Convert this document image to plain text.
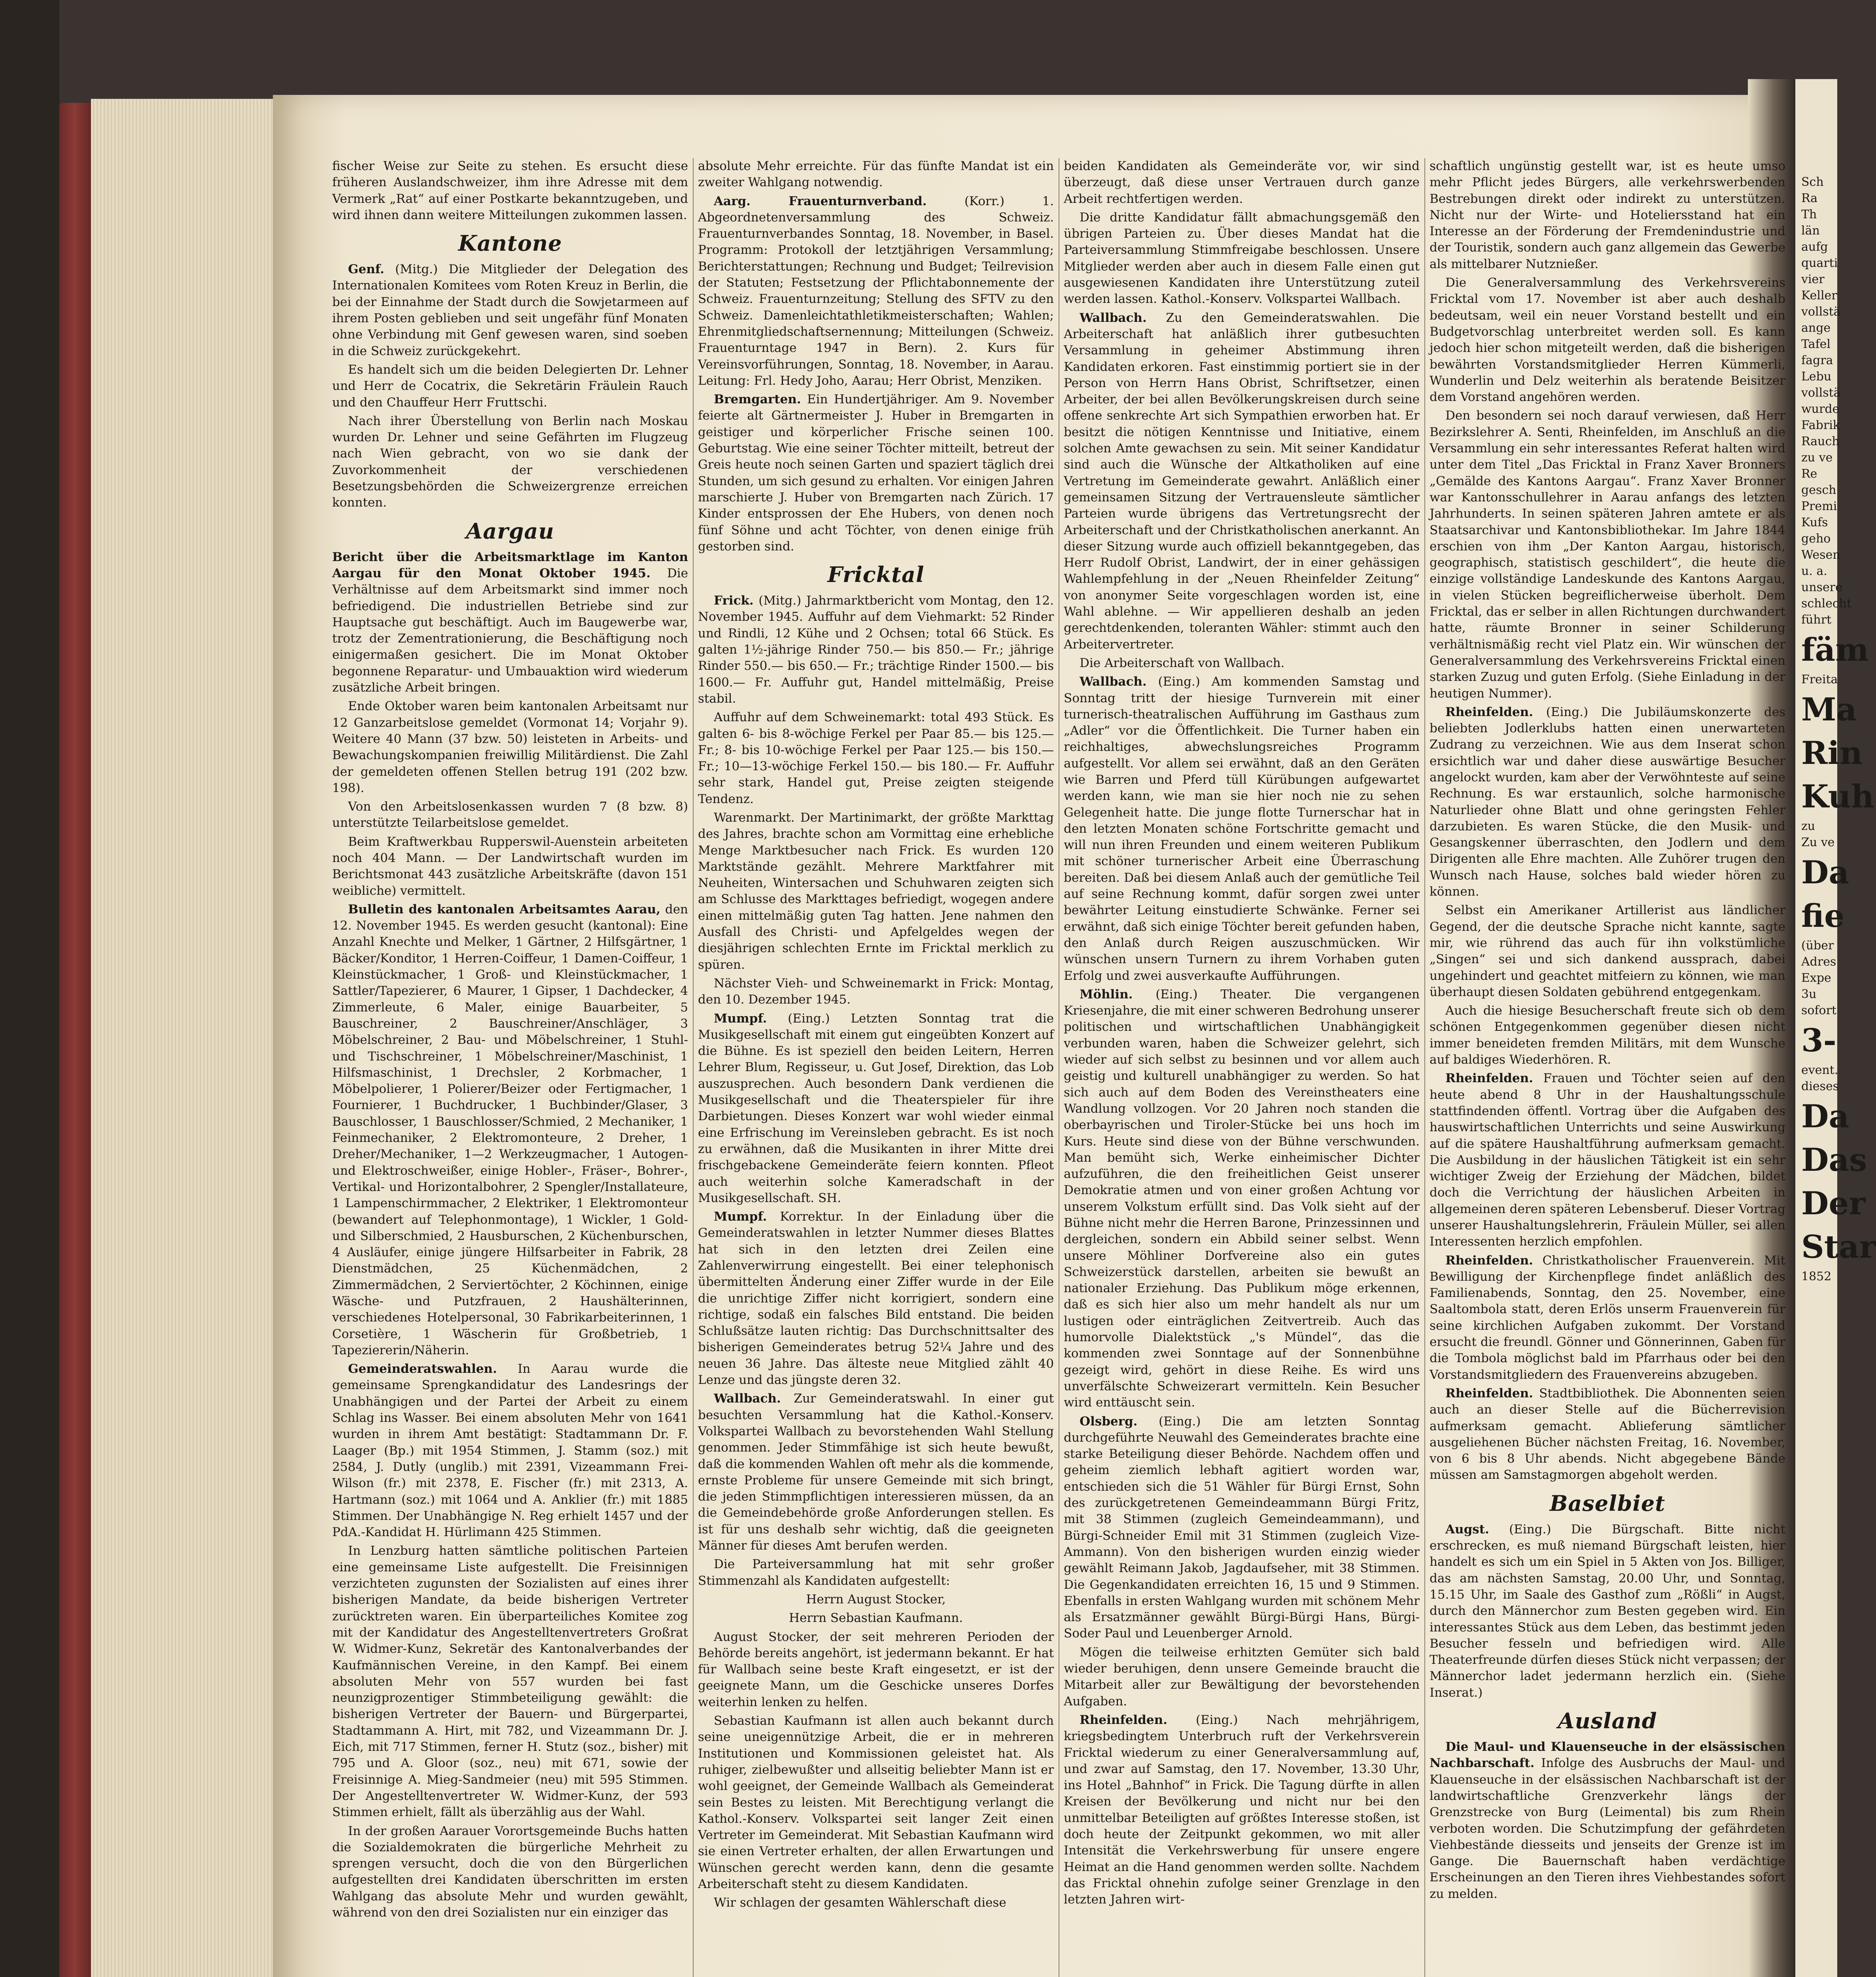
fischer Weise zur Seite zu stehen. Es ersucht diese früheren Auslandschweizer, ihm ihre Adresse mit dem Vermerk „Rat“ auf einer Postkarte bekanntzugeben, und wird ihnen dann weitere Mitteilungen zukommen lassen.

Kantone

Genf. (Mitg.) Die Mitglieder der Delegation des Internationalen Komitees vom Roten Kreuz in Berlin, die bei der Einnahme der Stadt durch die Sowjetarmeen auf ihrem Posten geblieben und seit ungefähr fünf Monaten ohne Verbindung mit Genf gewesen waren, sind soeben in die Schweiz zurückgekehrt.

Es handelt sich um die beiden Delegierten Dr. Lehner und Herr de Cocatrix, die Sekretärin Fräulein Rauch und den Chauffeur Herr Fruttschi.

Nach ihrer Überstellung von Berlin nach Moskau wurden Dr. Lehner und seine Gefährten im Flugzeug nach Wien gebracht, von wo sie dank der Zuvorkommenheit der verschiedenen Besetzungsbehörden die Schweizergrenze erreichen konnten.

Aargau

Bericht über die Arbeitsmarktlage im Kanton Aargau für den Monat Oktober 1945. Die Verhältnisse auf dem Arbeitsmarkt sind immer noch befriedigend. Die industriellen Betriebe sind zur Hauptsache gut beschäftigt. Auch im Baugewerbe war, trotz der Zementrationierung, die Beschäftigung noch einigermaßen gesichert. Die im Monat Oktober begonnene Reparatur- und Umbauaktion wird wiederum zusätzliche Arbeit bringen.

Ende Oktober waren beim kantonalen Arbeitsamt nur 12 Ganzarbeitslose gemeldet (Vormonat 14; Vorjahr 9). Weitere 40 Mann (37 bzw. 50) leisteten in Arbeits- und Bewachungskompanien freiwillig Militärdienst. Die Zahl der gemeldeten offenen Stellen betrug 191 (202 bzw. 198).

Von den Arbeitslosenkassen wurden 7 (8 bzw. 8) unterstützte Teilarbeitslose gemeldet.

Beim Kraftwerkbau Rupperswil-Auenstein arbeiteten noch 404 Mann. — Der Landwirtschaft wurden im Berichtsmonat 443 zusätzliche Arbeitskräfte (davon 151 weibliche) vermittelt.

Bulletin des kantonalen Arbeitsamtes Aarau, den 12. November 1945. Es werden gesucht (kantonal): Eine Anzahl Knechte und Melker, 1 Gärtner, 2 Hilfsgärtner, 1 Bäcker/Konditor, 1 Herren-Coiffeur, 1 Damen-Coiffeur, 1 Kleinstückmacher, 1 Groß- und Kleinstückmacher, 1 Sattler/Tapezierer, 6 Maurer, 1 Gipser, 1 Dachdecker, 4 Zimmerleute, 6 Maler, einige Bauarbeiter, 5 Bauschreiner, 2 Bauschreiner/Anschläger, 3 Möbelschreiner, 2 Bau- und Möbelschreiner, 1 Stuhl- und Tischschreiner, 1 Möbelschreiner/Maschinist, 1 Hilfsmaschinist, 1 Drechsler, 2 Korbmacher, 1 Möbelpolierer, 1 Polierer/Beizer oder Fertigmacher, 1 Fournierer, 1 Buchdrucker, 1 Buchbinder/Glaser, 3 Bauschlosser, 1 Bauschlosser/Schmied, 2 Mechaniker, 1 Feinmechaniker, 2 Elektromonteure, 2 Dreher, 1 Dreher/Mechaniker, 1—2 Werkzeugmacher, 1 Autogen- und Elektroschweißer, einige Hobler-, Fräser-, Bohrer-, Vertikal- und Horizontalbohrer, 2 Spengler/Installateure, 1 Lampenschirmmacher, 2 Elektriker, 1 Elektromonteur (bewandert auf Telephonmontage), 1 Wickler, 1 Gold- und Silberschmied, 2 Hausburschen, 2 Küchenburschen, 4 Ausläufer, einige jüngere Hilfsarbeiter in Fabrik, 28 Dienstmädchen, 25 Küchenmädchen, 2 Zimmermädchen, 2 Serviertöchter, 2 Köchinnen, einige Wäsche- und Putzfrauen, 2 Haushälterinnen, verschiedenes Hotelpersonal, 30 Fabrikarbeiterinnen, 1 Corsetière, 1 Wäscherin für Großbetrieb, 1 Tapeziererin/Näherin.

Gemeinderatswahlen. In Aarau wurde die gemeinsame Sprengkandidatur des Landesrings der Unabhängigen und der Partei der Arbeit zu einem Schlag ins Wasser. Bei einem absoluten Mehr von 1641 wurden in ihrem Amt bestätigt: Stadtammann Dr. F. Laager (Bp.) mit 1954 Stimmen, J. Stamm (soz.) mit 2584, J. Dutly (unglib.) mit 2391, Vizeammann Frei-Wilson (fr.) mit 2378, E. Fischer (fr.) mit 2313, A. Hartmann (soz.) mit 1064 und A. Anklier (fr.) mit 1885 Stimmen. Der Unabhängige N. Reg erhielt 1457 und der PdA.-Kandidat H. Hürlimann 425 Stimmen.

In Lenzburg hatten sämtliche politischen Parteien eine gemeinsame Liste aufgestellt. Die Freisinnigen verzichteten zugunsten der Sozialisten auf eines ihrer bisherigen Mandate, da beide bisherigen Vertreter zurücktreten waren. Ein überparteiliches Komitee zog mit der Kandidatur des Angestelltenvertreters Großrat W. Widmer-Kunz, Sekretär des Kantonalverbandes der Kaufmännischen Vereine, in den Kampf. Bei einem absoluten Mehr von 557 wurden bei fast neunzigprozentiger Stimmbeteiligung gewählt: die bisherigen Vertreter der Bauern- und Bürgerpartei, Stadtammann A. Hirt, mit 782, und Vizeammann Dr. J. Eich, mit 717 Stimmen, ferner H. Stutz (soz., bisher) mit 795 und A. Gloor (soz., neu) mit 671, sowie der Freisinnige A. Mieg-Sandmeier (neu) mit 595 Stimmen. Der Angestelltenvertreter W. Widmer-Kunz, der 593 Stimmen erhielt, fällt als überzählig aus der Wahl.

In der großen Aarauer Vorortsgemeinde Buchs hatten die Sozialdemokraten die bürgerliche Mehrheit zu sprengen versucht, doch die von den Bürgerlichen aufgestellten drei Kandidaten überschritten im ersten Wahlgang das absolute Mehr und wurden gewählt, während von den drei Sozialisten nur ein einziger das

absolute Mehr erreichte. Für das fünfte Mandat ist ein zweiter Wahlgang notwendig.

Aarg. Frauenturnverband.	(Korr.) 1. Abgeordnetenversammlung des Schweiz. Frauenturnverbandes Sonntag, 18. November, in Basel. Programm: Protokoll der letztjährigen Versammlung; Berichterstattungen; Rechnung und Budget; Teilrevision der Statuten; Festsetzung der Pflichtabonnemente der Schweiz. Frauenturnzeitung; Stellung des SFTV zu den Schweiz. Damenleichtathletikmeisterschaften; Wahlen; Ehrenmitgliedschaftsernennung; Mitteilungen (Schweiz. Frauenturntage 1947 in Bern). 2. Kurs für Vereinsvorführungen, Sonntag, 18. November, in Aarau. Leitung: Frl. Hedy Joho, Aarau; Herr Obrist, Menziken.

Bremgarten. Ein Hundertjähriger. Am 9. November feierte alt Gärtnermeister J. Huber in Bremgarten in geistiger und körperlicher Frische seinen 100. Geburtstag. Wie eine seiner Töchter mitteilt, betreut der Greis heute noch seinen Garten und spaziert täglich drei Stunden, um sich gesund zu erhalten. Vor einigen Jahren marschierte J. Huber von Bremgarten nach Zürich. 17 Kinder entsprossen der Ehe Hubers, von denen noch fünf Söhne und acht Töchter, von denen einige früh gestorben sind.

Fricktal

Frick. (Mitg.) Jahrmarktbericht vom Montag, den 12. November 1945. Auffuhr auf dem Viehmarkt: 52 Rinder und Rindli, 12 Kühe und 2 Ochsen; total 66 Stück. Es galten 1½-jährige Rinder 750.— bis 850.— Fr.; jährige Rinder 550.— bis 650.— Fr.; trächtige Rinder 1500.— bis 1600.— Fr. Auffuhr gut, Handel mittelmäßig, Preise stabil.

Auffuhr auf dem Schweinemarkt: total 493 Stück. Es galten 6- bis 8-wöchige Ferkel per Paar 85.— bis 125.— Fr.; 8- bis 10-wöchige Ferkel per Paar 125.— bis 150.— Fr.; 10—13-wöchige Ferkel 150.— bis 180.— Fr. Auffuhr sehr stark, Handel gut, Preise zeigten steigende Tendenz.

Warenmarkt. Der Martinimarkt, der größte Markttag des Jahres, brachte schon am Vormittag eine erhebliche Menge Marktbesucher nach Frick. Es wurden 120 Marktstände gezählt. Mehrere Marktfahrer mit Neuheiten, Wintersachen und Schuhwaren zeigten sich am Schlusse des Markttages befriedigt, wogegen andere einen mittelmäßig guten Tag hatten. Jene nahmen den Ausfall des Christi- und Apfelgeldes wegen der diesjährigen schlechten Ernte im Fricktal merklich zu spüren.

Nächster Vieh- und Schweinemarkt in Frick: Montag, den 10. Dezember 1945.

Mumpf. (Eing.) Letzten Sonntag trat die Musikgesellschaft mit einem gut eingeübten Konzert auf die Bühne. Es ist speziell den beiden Leitern, Herren Lehrer Blum, Regisseur, u. Gut Josef, Direktion, das Lob auszusprechen. Auch besondern Dank verdienen die Musikgesellschaft und die Theaterspieler für ihre Darbietungen. Dieses Konzert war wohl wieder einmal eine Erfrischung im Vereinsleben gebracht. Es ist noch zu erwähnen, daß die Musikanten in ihrer Mitte drei frischgebackene Gemeinderäte feiern konnten. Pfleot auch weiterhin solche Kameradschaft in der Musikgesellschaft. SH.

Mumpf. Korrektur. In der Einladung über die Gemeinderatswahlen in letzter Nummer dieses Blattes hat sich in den letzten drei Zeilen eine Zahlenverwirrung eingestellt. Bei einer telephonisch übermittelten Änderung einer Ziffer wurde in der Eile die unrichtige Ziffer nicht korrigiert, sondern eine richtige, sodaß ein falsches Bild entstand. Die beiden Schlußsätze lauten richtig: Das Durchschnittsalter des bisherigen Gemeinderates betrug 52¼ Jahre und des neuen 36 Jahre. Das älteste neue Mitglied zählt 40 Lenze und das jüngste deren 32.

Wallbach. Zur Gemeinderatswahl. In einer gut besuchten Versammlung hat die Kathol.-Konserv. Volkspartei Wallbach zu bevorstehenden Wahl Stellung genommen. Jeder Stimmfähige ist sich heute bewußt, daß die kommenden Wahlen oft mehr als die kommende, ernste Probleme für unsere Gemeinde mit sich bringt, die jeden Stimmpflichtigen interessieren müssen, da an die Gemeindebehörde große Anforderungen stellen. Es ist für uns deshalb sehr wichtig, daß die geeigneten Männer für dieses Amt berufen werden.

Die Parteiversammlung hat mit sehr großer Stimmenzahl als Kandidaten aufgestellt:

Herrn August Stocker,

Herrn Sebastian Kaufmann.

August Stocker, der seit mehreren Perioden der Behörde bereits angehört, ist jedermann bekannt. Er hat für Wallbach seine beste Kraft eingesetzt, er ist der geeignete Mann, um die Geschicke unseres Dorfes weiterhin lenken zu helfen.

Sebastian Kaufmann ist allen auch bekannt durch seine uneigennützige Arbeit, die er in mehreren Institutionen und Kommissionen geleistet hat. Als ruhiger, zielbewußter und allseitig beliebter Mann ist er wohl geeignet, der Gemeinde Wallbach als Gemeinderat sein Bestes zu leisten. Mit Berechtigung verlangt die Kathol.-Konserv. Volkspartei seit langer Zeit einen Vertreter im Gemeinderat. Mit Sebastian Kaufmann wird sie einen Vertreter erhalten, der allen Erwartungen und Wünschen gerecht werden kann, denn die gesamte Arbeiterschaft steht zu diesem Kandidaten.

Wir schlagen der gesamten Wählerschaft diese

beiden Kandidaten als Gemeinderäte vor, wir sind überzeugt, daß diese unser Vertrauen durch ganze Arbeit rechtfertigen werden.

Die dritte Kandidatur fällt abmachungsgemäß den übrigen Parteien zu. Über dieses Mandat hat die Parteiversammlung Stimmfreigabe beschlossen. Unsere Mitglieder werden aber auch in diesem Falle einen gut ausgewiesenen Kandidaten ihre Unterstützung zuteil werden lassen. Kathol.-Konserv. Volkspartei Wallbach.

Wallbach. Zu den Gemeinderatswahlen. Die Arbeiterschaft hat anläßlich ihrer gutbesuchten Versammlung in geheimer Abstimmung ihren Kandidaten erkoren. Fast einstimmig portiert sie in der Person von Herrn Hans Obrist, Schriftsetzer, einen Arbeiter, der bei allen Bevölkerungskreisen durch seine offene senkrechte Art sich Sympathien erworben hat. Er besitzt die nötigen Kenntnisse und Initiative, einem solchen Amte gewachsen zu sein. Mit seiner Kandidatur sind auch die Wünsche der Altkatholiken auf eine Vertretung im Gemeinderate gewahrt. Anläßlich einer gemeinsamen Sitzung der Vertrauensleute sämtlicher Parteien wurde übrigens das Vertretungsrecht der Arbeiterschaft und der Christkatholischen anerkannt. An dieser Sitzung wurde auch offiziell bekanntgegeben, das Herr Rudolf Obrist, Landwirt, der in einer gehässigen Wahlempfehlung in der „Neuen Rheinfelder Zeitung“ von anonymer Seite vorgeschlagen worden ist, eine Wahl ablehne. — Wir appellieren deshalb an jeden gerechtdenkenden, toleranten Wähler: stimmt auch den Arbeitervertreter.

Die Arbeiterschaft von Wallbach.

Wallbach. (Eing.) Am kommenden Samstag und Sonntag tritt der hiesige Turnverein mit einer turnerisch-theatralischen Aufführung im Gasthaus zum „Adler“ vor die Öffentlichkeit. Die Turner haben ein reichhaltiges, abwechslungsreiches Programm aufgestellt. Vor allem sei erwähnt, daß an den Geräten wie Barren und Pferd tüll Kürübungen aufgewartet werden kann, wie man sie hier noch nie zu sehen Gelegenheit hatte. Die junge flotte Turnerschar hat in den letzten Monaten schöne Fortschritte gemacht und will nun ihren Freunden und einem weiteren Publikum mit schöner turnerischer Arbeit eine Überraschung bereiten. Daß bei diesem Anlaß auch der gemütliche Teil auf seine Rechnung kommt, dafür sorgen zwei unter bewährter Leitung einstudierte Schwänke. Ferner sei erwähnt, daß sich einige Töchter bereit gefunden haben, den Anlaß durch Reigen auszuschmücken. Wir wünschen unsern Turnern zu ihrem Vorhaben guten Erfolg und zwei ausverkaufte Aufführungen.

Möhlin. (Eing.) Theater. Die vergangenen Kriesenjahre, die mit einer schweren Bedrohung unserer politischen und wirtschaftlichen Unabhängigkeit verbunden waren, haben die Schweizer gelehrt, sich wieder auf sich selbst zu besinnen und vor allem auch geistig und kulturell unabhängiger zu werden. So hat sich auch auf dem Boden des Vereinstheaters eine Wandlung vollzogen. Vor 20 Jahren noch standen die oberbayrischen und Tiroler-Stücke bei uns hoch im Kurs. Heute sind diese von der Bühne verschwunden. Man bemüht sich, Werke einheimischer Dichter aufzuführen, die den freiheitlichen Geist unserer Demokratie atmen und von einer großen Achtung vor unserem Volkstum erfüllt sind. Das Volk sieht auf der Bühne nicht mehr die Herren Barone, Prinzessinnen und dergleichen, sondern ein Abbild seiner selbst. Wenn unsere Möhliner Dorfvereine also ein gutes Schweizerstück darstellen, arbeiten sie bewußt an nationaler Erziehung. Das Publikum möge erkennen, daß es sich hier also um mehr handelt als nur um lustigen oder einträglichen Zeitvertreib. Auch das humorvolle Dialektstück „'s Mündel“, das die kommenden zwei Sonntage auf der Sonnenbühne gezeigt wird, gehört in diese Reihe. Es wird uns unverfälschte Schweizerart vermitteln. Kein Besucher wird enttäuscht sein.

Olsberg. (Eing.) Die am letzten Sonntag durchgeführte Neuwahl des Gemeinderates brachte eine starke Beteiligung dieser Behörde. Nachdem offen und geheim ziemlich lebhaft agitiert worden war, entschieden sich die 51 Wähler für Bürgi Ernst, Sohn des zurückgetretenen Gemeindeammann Bürgi Fritz, mit 38 Stimmen (zugleich Gemeindeammann), und Bürgi-Schneider Emil mit 31 Stimmen (zugleich Vize-Ammann). Von den bisherigen wurden einzig wieder gewählt Reimann Jakob, Jagdaufseher, mit 38 Stimmen. Die Gegenkandidaten erreichten 16, 15 und 9 Stimmen. Ebenfalls in ersten Wahlgang wurden mit schönem Mehr als Ersatzmänner gewählt Bürgi-Bürgi Hans, Bürgi-Soder Paul und Leuenberger Arnold.

Mögen die teilweise erhitzten Gemüter sich bald wieder beruhigen, denn unsere Gemeinde braucht die Mitarbeit aller zur Bewältigung der bevorstehenden Aufgaben.

Rheinfelden. (Eing.) Nach mehrjährigem, kriegsbedingtem Unterbruch ruft der Verkehrsverein Fricktal wiederum zu einer Generalversammlung auf, und zwar auf Samstag, den 17. November, 13.30 Uhr, ins Hotel „Bahnhof“ in Frick. Die Tagung dürfte in allen Kreisen der Bevölkerung und nicht nur bei den unmittelbar Beteiligten auf größtes Interesse stoßen, ist doch heute der Zeitpunkt gekommen, wo mit aller Intensität die Verkehrswerbung für unsere engere Heimat an die Hand genommen werden sollte. Nachdem das Fricktal ohnehin zufolge seiner Grenzlage in den letzten Jahren wirt-

schaftlich ungünstig gestellt war, ist es heute umso mehr Pflicht jedes Bürgers, alle verkehrswerbenden Bestrebungen direkt oder indirekt zu unterstützen. Nicht nur der Wirte- und Hoteliersstand hat ein Interesse an der Förderung der Fremdenindustrie und der Touristik, sondern auch ganz allgemein das Gewerbe als mittelbarer Nutznießer.

Die Generalversammlung des Verkehrsvereins Fricktal vom 17. November ist aber auch deshalb bedeutsam, weil ein neuer Vorstand bestellt und ein Budgetvorschlag unterbreitet werden soll. Es kann jedoch hier schon mitgeteilt werden, daß die bisherigen bewährten Vorstandsmitglieder Herren Kümmerli, Wunderlin und Delz weiterhin als beratende Beisitzer dem Vorstand angehören werden.

Den besondern sei noch darauf verwiesen, daß Herr Bezirkslehrer A. Senti, Rheinfelden, im Anschluß an die Versammlung ein sehr interessantes Referat halten wird unter dem Titel „Das Fricktal in Franz Xaver Bronners „Gemälde des Kantons Aargau“. Franz Xaver Bronner war Kantonsschullehrer in Aarau anfangs des letzten Jahrhunderts. In seinen späteren Jahren amtete er als Staatsarchivar und Kantonsbibliothekar. Im Jahre 1844 erschien von ihm „Der Kanton Aargau, historisch, geographisch, statistisch geschildert“, die heute die einzige vollständige Landeskunde des Kantons Aargau, in vielen Stücken begreiflicherweise überholt. Dem Fricktal, das er selber in allen Richtungen durchwandert hatte, räumte Bronner in seiner Schilderung verhältnismäßig recht viel Platz ein. Wir wünschen der Generalversammlung des Verkehrsvereins Fricktal einen starken Zuzug und guten Erfolg. (Siehe Einladung in der heutigen Nummer).

Rheinfelden. (Eing.) Die Jubiläumskonzerte des beliebten Jodlerklubs hatten einen unerwarteten Zudrang zu verzeichnen. Wie aus dem Inserat schon ersichtlich war und daher diese auswärtige Besucher angelockt wurden, kam aber der Verwöhnteste auf seine Rechnung. Es war erstaunlich, solche harmonische Naturlieder ohne Blatt und ohne geringsten Fehler darzubieten. Es waren Stücke, die den Musik- und Gesangskenner überraschten, den Jodlern und dem Dirigenten alle Ehre machten. Alle Zuhörer trugen den Wunsch nach Hause, solches bald wieder hören zu können.

Selbst ein Amerikaner Artillerist aus ländlicher Gegend, der die deutsche Sprache nicht kannte, sagte mir, wie rührend das auch für ihn volkstümliche „Singen“ sei und sich dankend aussprach, dabei ungehindert und geachtet mitfeiern zu können, wie man überhaupt diesen Soldaten gebührend entgegenkam.

Auch die hiesige Besucherschaft freute sich ob dem schönen Entgegenkommen gegenüber diesen nicht immer beneideten fremden Militärs, mit dem Wunsche auf baldiges Wiederhören. R.

Rheinfelden. Frauen und Töchter seien auf den heute abend 8 Uhr in der Haushaltungsschule stattfindenden öffentl. Vortrag über die Aufgaben des hauswirtschaftlichen Unterrichts und seine Auswirkung auf die spätere Haushaltführung aufmerksam gemacht. Die Ausbildung in der häuslichen Tätigkeit ist ein sehr wichtiger Zweig der Erziehung der Mädchen, bildet doch die Verrichtung der häuslichen Arbeiten in allgemeinen deren späteren Lebensberuf. Dieser Vortrag unserer Haushaltungslehrerin, Fräulein Müller, sei allen Interessenten herzlich empfohlen.

Rheinfelden. Christkatholischer Frauenverein. Mit Bewilligung der Kirchenpflege findet anläßlich des Familienabends, Sonntag, den 25. November, eine Saaltombola statt, deren Erlös unserm Frauenverein für seine kirchlichen Aufgaben zukommt. Der Vorstand ersucht die freundl. Gönner und Gönnerinnen, Gaben für die Tombola möglichst bald im Pfarrhaus oder bei den Vorstandsmitgliedern des Frauenvereins abzugeben.

Rheinfelden. Stadtbibliothek. Die Abonnenten seien auch an dieser Stelle auf die Bücherrevision aufmerksam gemacht. Ablieferung sämtlicher ausgeliehenen Bücher nächsten Freitag, 16. November, von 6 bis 8 Uhr abends. Nicht abgegebene Bände müssen am Samstagmorgen abgeholt werden.

Baselbiet

Augst. (Eing.) Die Bürgschaft. Bitte nicht erschrecken, es muß niemand Bürgschaft leisten, hier handelt es sich um ein Spiel in 5 Akten von Jos. Billiger, das am nächsten Samstag, 20.00 Uhr, und Sonntag, 15.15 Uhr, im Saale des Gasthof zum „Rößli“ in Augst, durch den Männerchor zum Besten gegeben wird. Ein interessantes Stück aus dem Leben, das bestimmt jeden Besucher fesseln und befriedigen wird. Alle Theaterfreunde dürfen dieses Stück nicht verpassen; der Männerchor ladet jedermann herzlich ein. (Siehe Inserat.)

Ausland

Die Maul- und Klauenseuche in der elsässischen Nachbarschaft. Infolge des Ausbruchs der Maul- und Klauenseuche in der elsässischen Nachbarschaft ist der landwirtschaftliche Grenzverkehr längs der Grenzstrecke von Burg (Leimental) bis zum Rhein verboten worden. Die Schutzimpfung der gefährdeten Viehbestände diesseits und jenseits der Grenze ist im Gange. Die Bauernschaft haben verdächtige Erscheinungen an den Tieren ihres Viehbestandes sofort zu melden.

Sch
Ra
Th
län
aufg
quarti
vier
Keller
vollstä
ange
Tafel
fagra
Lebu
vollstä
wurde
Fabrik
Rauch
zu ve
Re
gesch
Premi
Kufs
geho
Wesen
u. a.
unsere
schlecht
führt
fäm
Freita
Ma
Rin
Kuh
zu
Zu ve
Da
fie
(über
Adres
Expe
3u
sofort
3-
event.
dieses
Da
Das
Der
Star
1852
